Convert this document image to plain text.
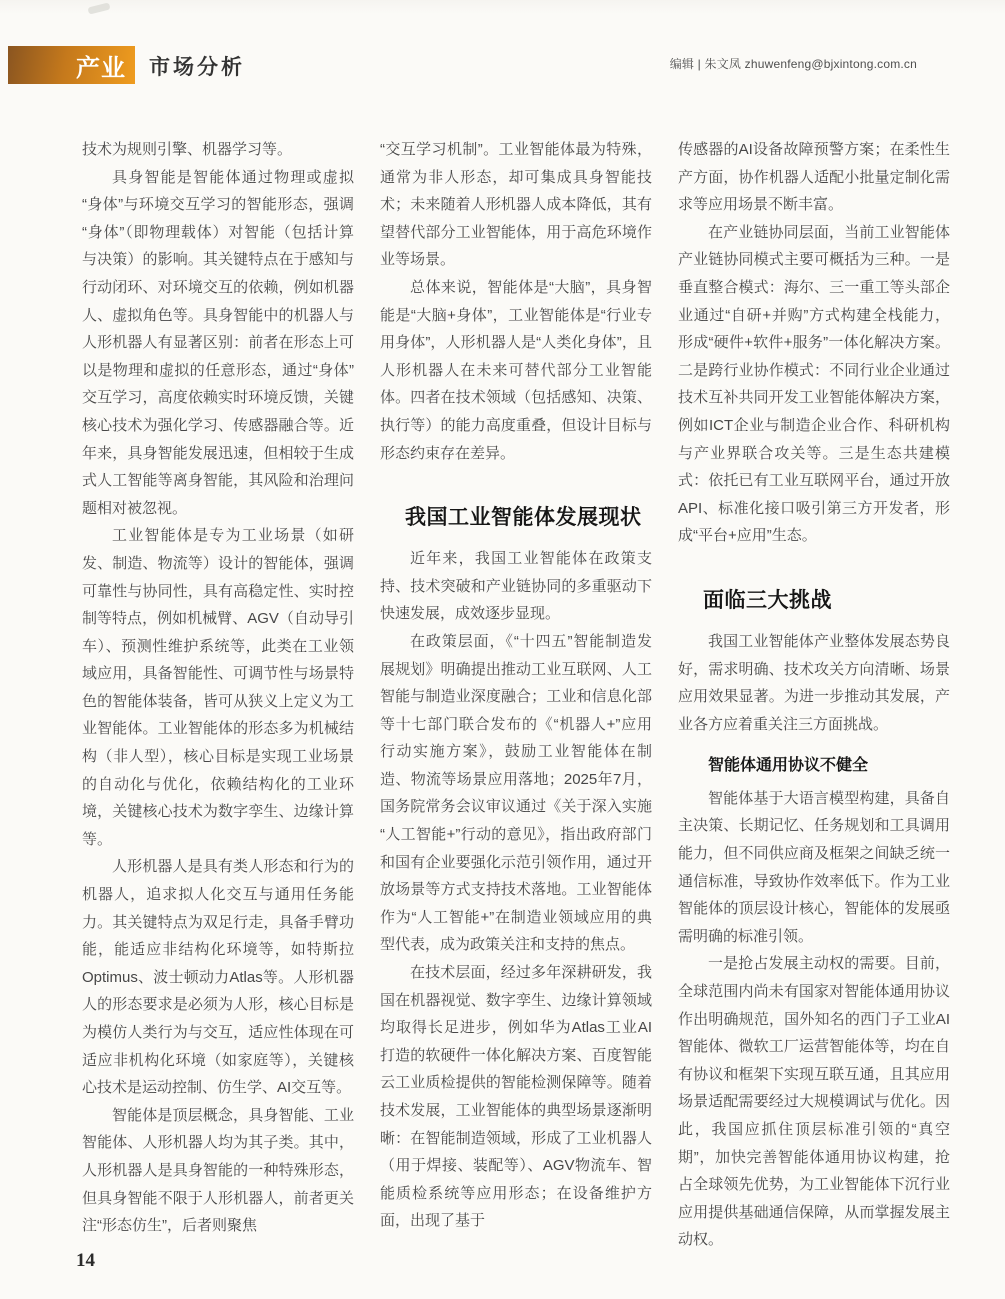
产业 市场分析	编辑 | 朱文凤 zhuwenfeng@bjxintong.com.cn

技术为规则引擎、机器学习等。

具身智能是智能体通过物理或虚拟“身体”与环境交互学习的智能形态，强调“身体”（即物理载体）对智能（包括计算与决策）的影响。其关键特点在于感知与行动闭环、对环境交互的依赖，例如机器人、虚拟角色等。具身智能中的机器人与人形机器人有显著区别：前者在形态上可以是物理和虚拟的任意形态，通过“身体”交互学习，高度依赖实时环境反馈，关键核心技术为强化学习、传感器融合等。近年来，具身智能发展迅速，但相较于生成式人工智能等离身智能，其风险和治理问题相对被忽视。

工业智能体是专为工业场景（如研发、制造、物流等）设计的智能体，强调可靠性与协同性，具有高稳定性、实时控制等特点，例如机械臂、AGV（自动导引车）、预测性维护系统等，此类在工业领域应用，具备智能性、可调节性与场景特色的智能体装备，皆可从狭义上定义为工业智能体。工业智能体的形态多为机械结构（非人型），核心目标是实现工业场景的自动化与优化，依赖结构化的工业环境，关键核心技术为数字孪生、边缘计算等。

人形机器人是具有类人形态和行为的机器人，追求拟人化交互与通用任务能力。其关键特点为双足行走，具备手臂功能，能适应非结构化环境等，如特斯拉Optimus、波士顿动力Atlas等。人形机器人的形态要求是必须为人形，核心目标是为模仿人类行为与交互，适应性体现在可适应非机构化环境（如家庭等），关键核心技术是运动控制、仿生学、AI交互等。

智能体是顶层概念，具身智能、工业智能体、人形机器人均为其子类。其中，人形机器人是具身智能的一种特殊形态，但具身智能不限于人形机器人，前者更关注“形态仿生”，后者则聚焦

“交互学习机制”。工业智能体最为特殊，通常为非人形态，却可集成具身智能技术；未来随着人形机器人成本降低，其有望替代部分工业智能体，用于高危环境作业等场景。

总体来说，智能体是“大脑”，具身智能是“大脑+身体”，工业智能体是“行业专用身体”，人形机器人是“人类化身体”，且人形机器人在未来可替代部分工业智能体。四者在技术领域（包括感知、决策、执行等）的能力高度重叠，但设计目标与形态约束存在差异。

我国工业智能体发展现状

近年来，我国工业智能体在政策支持、技术突破和产业链协同的多重驱动下快速发展，成效逐步显现。

在政策层面，《“十四五”智能制造发展规划》明确提出推动工业互联网、人工智能与制造业深度融合；工业和信息化部等十七部门联合发布的《“机器人+”应用行动实施方案》，鼓励工业智能体在制造、物流等场景应用落地；2025年7月，国务院常务会议审议通过《关于深入实施“人工智能+”行动的意见》，指出政府部门和国有企业要强化示范引领作用，通过开放场景等方式支持技术落地。工业智能体作为“人工智能+”在制造业领域应用的典型代表，成为政策关注和支持的焦点。

在技术层面，经过多年深耕研发，我国在机器视觉、数字孪生、边缘计算领域均取得长足进步，例如华为Atlas工业AI打造的软硬件一体化解决方案、百度智能云工业质检提供的智能检测保障等。随着技术发展，工业智能体的典型场景逐渐明晰：在智能制造领域，形成了工业机器人（用于焊接、装配等）、AGV物流车、智能质检系统等应用形态；在设备维护方面，出现了基于

传感器的AI设备故障预警方案；在柔性生产方面，协作机器人适配小批量定制化需求等应用场景不断丰富。

在产业链协同层面，当前工业智能体产业链协同模式主要可概括为三种。一是垂直整合模式：海尔、三一重工等头部企业通过“自研+并购”方式构建全栈能力，形成“硬件+软件+服务”一体化解决方案。二是跨行业协作模式：不同行业企业通过技术互补共同开发工业智能体解决方案，例如ICT企业与制造企业合作、科研机构与产业界联合攻关等。三是生态共建模式：依托已有工业互联网平台，通过开放API、标准化接口吸引第三方开发者，形成“平台+应用”生态。

面临三大挑战

我国工业智能体产业整体发展态势良好，需求明确、技术攻关方向清晰、场景应用效果显著。为进一步推动其发展，产业各方应着重关注三方面挑战。

智能体通用协议不健全

智能体基于大语言模型构建，具备自主决策、长期记忆、任务规划和工具调用能力，但不同供应商及框架之间缺乏统一通信标准，导致协作效率低下。作为工业智能体的顶层设计核心，智能体的发展亟需明确的标准引领。

一是抢占发展主动权的需要。目前，全球范围内尚未有国家对智能体通用协议作出明确规范，国外知名的西门子工业AI智能体、微软工厂运营智能体等，均在自有协议和框架下实现互联互通，且其应用场景适配需要经过大规模调试与优化。因此，我国应抓住顶层标准引领的“真空期”，加快完善智能体通用协议构建，抢占全球领先优势，为工业智能体下沉行业应用提供基础通信保障，从而掌握发展主动权。

14
